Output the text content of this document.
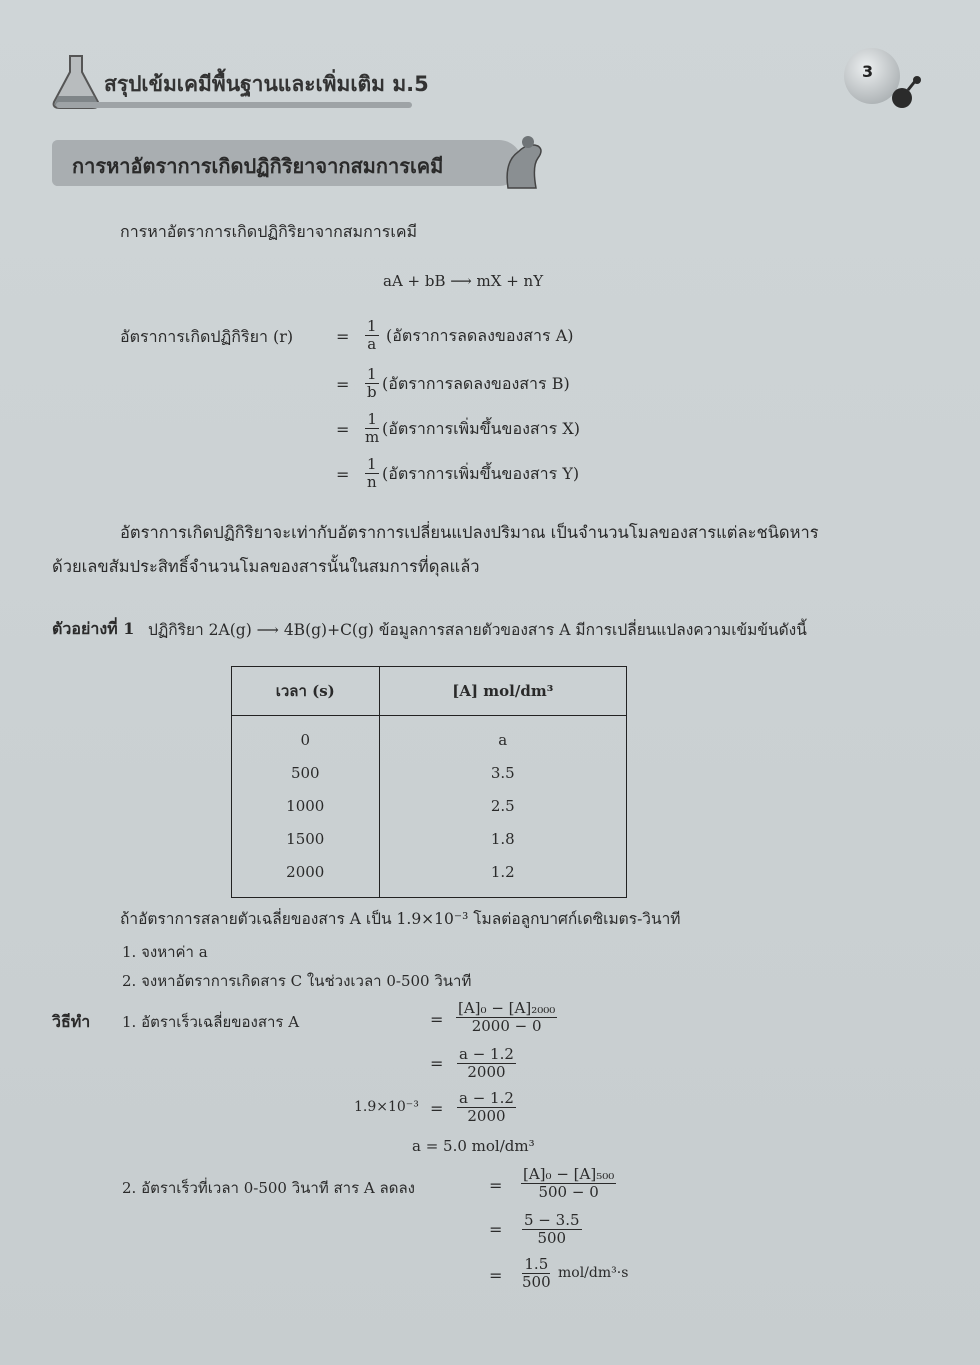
สรุปเข้มเคมีพื้นฐานและเพิ่มเติม ม.5
3
การหาอัตราการเกิดปฏิกิริยาจากสมการเคมี
การหาอัตราการเกิดปฏิกิริยาจากสมการเคมี
aA + bB ⟶ mX + nY
อัตราการเกิดปฏิกิริยา (r)	= $\frac{1}{a}$ (อัตราการลดลงของสาร A)
= $\frac{1}{b}$ (อัตราการลดลงของสาร B)
= $\frac{1}{m}$ (อัตราการเพิ่มขึ้นของสาร X)
= $\frac{1}{n}$ (อัตราการเพิ่มขึ้นของสาร Y)
อัตราการเกิดปฏิกิริยาจะเท่ากับอัตราการเปลี่ยนแปลงปริมาณ เป็นจำนวนโมลของสารแต่ละชนิดหาร
ด้วยเลขสัมประสิทธิ์จำนวนโมลของสารนั้นในสมการที่ดุลแล้ว
ตัวอย่างที่ 1 ปฏิกิริยา 2A(g) ⟶ 4B(g)+C(g) ข้อมูลการสลายตัวของสาร A มีการเปลี่ยนแปลงความเข้มข้นดังนี้
เวลา (s)	[A] mol/dm³
0	a
500	3.5
1000	2.5
1500	1.8
2000	1.2
ถ้าอัตราการสลายตัวเฉลี่ยของสาร A เป็น 1.9×10⁻³ โมลต่อลูกบาศก์เดซิเมตร-วินาที
1. จงหาค่า a
2. จงหาอัตราการเกิดสาร C ในช่วงเวลา 0-500 วินาที
วิธีทำ 1. อัตราเร็วเฉลี่ยของสาร A	= $\frac{\text{[A]₀ − [A]₂₀₀₀}}{2000 - 0}$
= $\frac{a - 1.2}{2000}$
$1.9\times 10^{-3} = \frac{a - 1.2}{2000}$
a = 5.0 mol/dm³
2. อัตราเร็วที่เวลา 0-500 วินาที สาร A ลดลง	= $\frac{\text{[A]₀ − [A]₅₀₀}}{500 - 0}$
= $\frac{5 - 3.5}{500}$
= $\frac{1.5}{500} mol/dm^3\cdot s$
